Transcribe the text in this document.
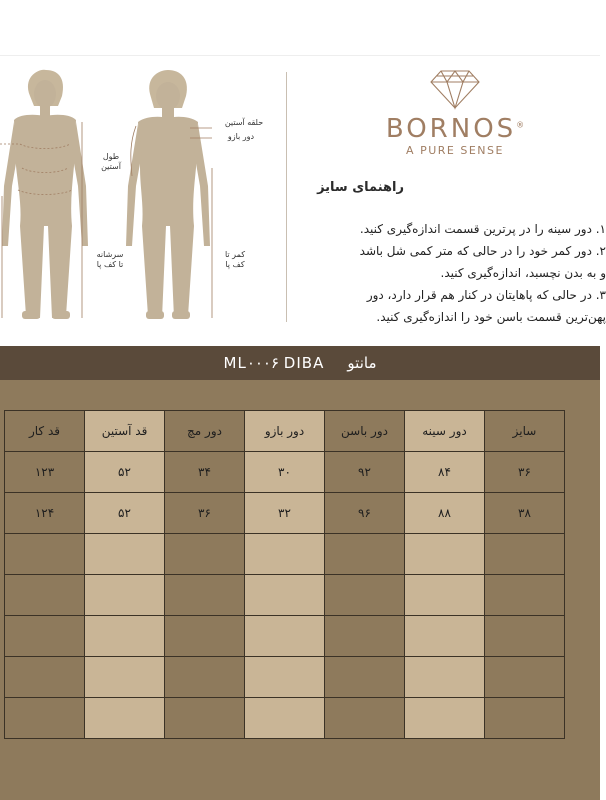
حلقه آستین
دور بازو
طول
آستین
کمر تا
کف پا
سرشانه
تا کف پا
BORNOS®
A PURE SENSE
راهنمای سایز
۱. دور سینه را در پرترین قسمت اندازه‌گیری کنید.
۲. دور کمر خود را در حالی که متر کمی شل باشد
و به بدن نچسبد، اندازه‌گیری کنید.
۳. در حالی که پاهایتان در کنار هم قرار دارد، دور
پهن‌ترین قسمت باسن خود را اندازه‌گیری کنید.
ML۰۰۰۶ DIBA مانتو
سایز	دور سینه	دور باسن	دور بازو	دور مچ	قد آستین	قد کار
۳۶	۸۴	۹۲	۳۰	۳۴	۵۲	۱۲۳
۳۸	۸۸	۹۶	۳۲	۳۶	۵۲	۱۲۴
